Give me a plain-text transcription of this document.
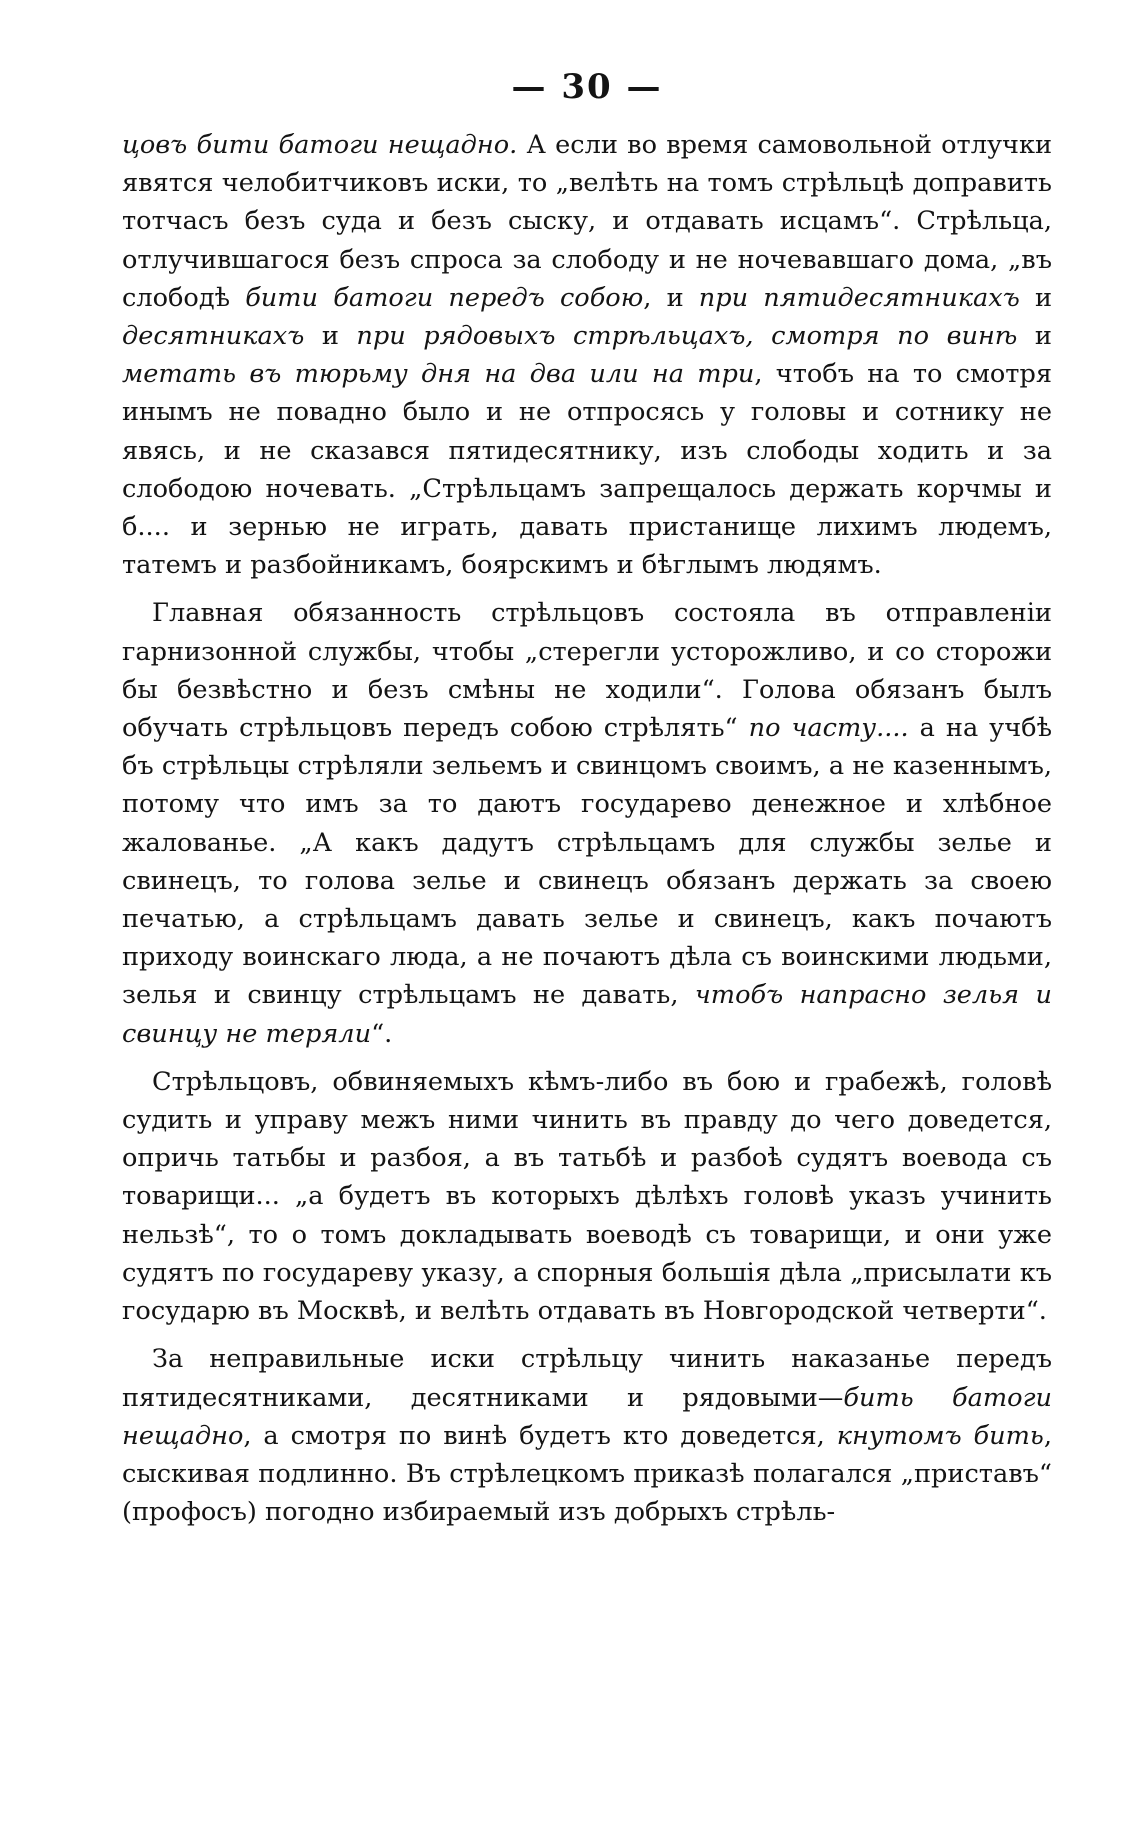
— 30 —

цовъ бити батоги нещадно. А если во время самовольной отлучки явятся челобитчиковъ иски, то „велѣть на томъ стрѣльцѣ доправить тотчасъ безъ суда и безъ сыску, и отдавать исцамъ“. Стрѣльца, отлучившагося безъ спроса за слободу и не ночевавшаго дома, „въ слободѣ бити батоги передъ собою, и при пятидесятникахъ и десятникахъ и при рядовыхъ стрѣльцахъ, смотря по винѣ и метать въ тюрьму дня на два или на три, чтобъ на то смотря инымъ не повадно было и не отпросясь у головы и сотнику не явясь, и не сказався пятидесятнику, изъ слободы ходить и за слободою ночевать. „Стрѣльцамъ запрещалось держать корчмы и б.... и зернью не играть, давать пристанище лихимъ людемъ, татемъ и разбойникамъ, боярскимъ и бѣглымъ людямъ.

Главная обязанность стрѣльцовъ состояла въ отправленіи гарнизонной службы, чтобы „стерегли усторожливо, и со сторожи бы безвѣстно и безъ смѣны не ходили“. Голова обязанъ былъ обучать стрѣльцовъ передъ собою стрѣлять“ по часту.... а на учбѣ бъ стрѣльцы стрѣляли зельемъ и свинцомъ своимъ, а не казеннымъ, потому что имъ за то даютъ государево денежное и хлѣбное жалованье. „А какъ дадутъ стрѣльцамъ для службы зелье и свинецъ, то голова зелье и свинецъ обязанъ держать за своею печатью, а стрѣльцамъ давать зелье и свинецъ, какъ почаютъ приходу воинскаго люда, а не почаютъ дѣла съ воинскими людьми, зелья и свинцу стрѣльцамъ не давать, чтобъ напрасно зелья и свинцу не теряли“.

Стрѣльцовъ, обвиняемыхъ кѣмъ-либо въ бою и грабежѣ, головѣ судить и управу межъ ними чинить въ правду до чего доведется, опричь татьбы и разбоя, а въ татьбѣ и разбоѣ судятъ воевода съ товарищи... „а будетъ въ которыхъ дѣлѣхъ головѣ указъ учинить нельзѣ“, то о томъ докладывать воеводѣ съ товарищи, и они уже судятъ по государеву указу, а спорныя большія дѣла „присылати къ государю въ Москвѣ, и велѣть отдавать въ Новгородской четверти“.

За неправильные иски стрѣльцу чинить наказанье передъ пятидесятниками, десятниками и рядовыми—бить батоги нещадно, а смотря по винѣ будетъ кто доведется, кнутомъ бить, сыскивая подлинно. Въ стрѣлецкомъ приказѣ полагался „приставъ“ (профосъ) погодно избираемый изъ добрыхъ стрѣль-
